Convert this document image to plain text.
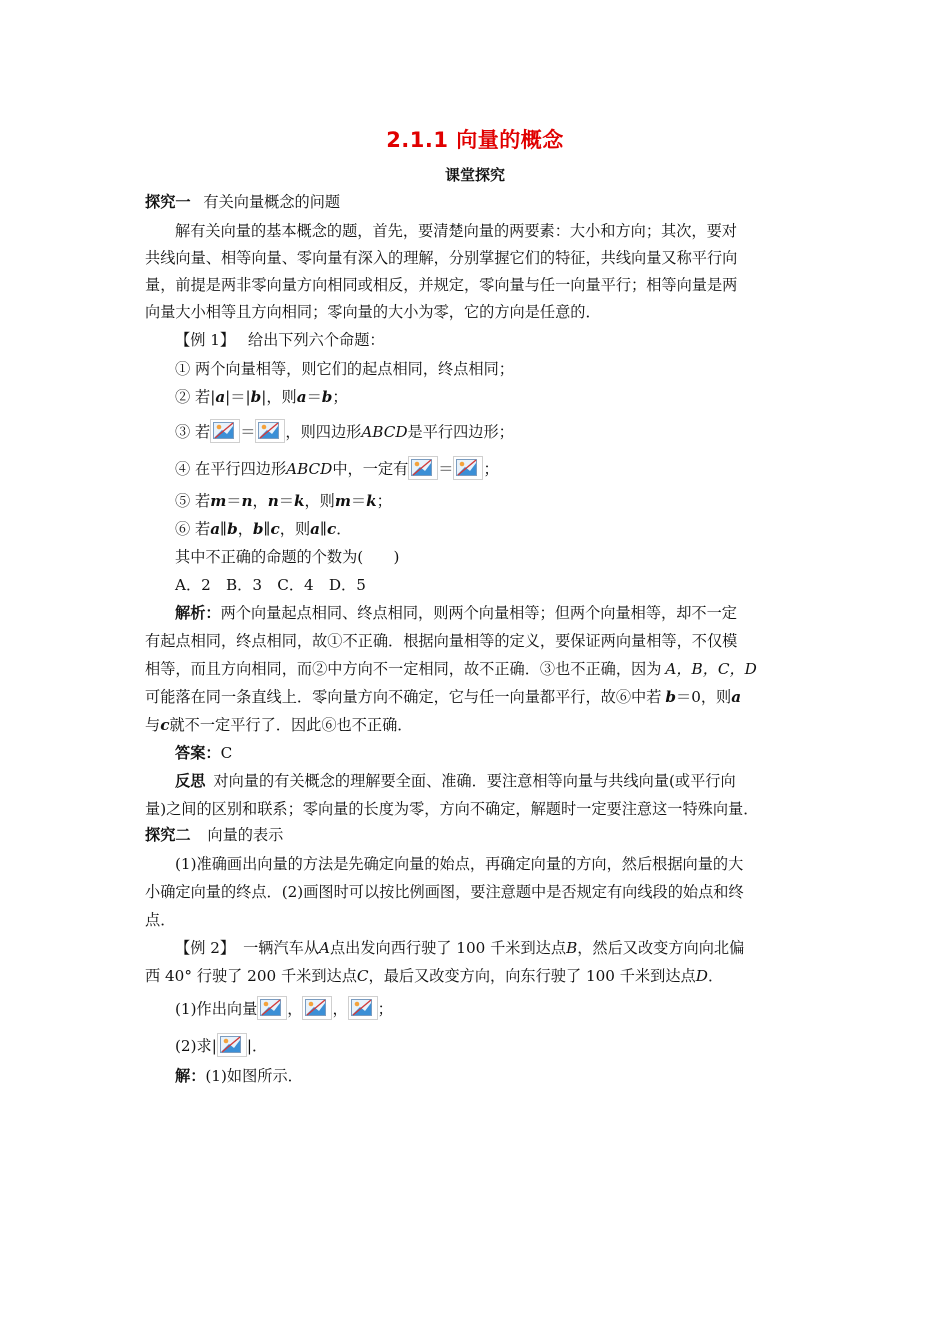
2.1.1 向量的概念
课堂探究
探究一 有关向量概念的问题
解有关向量的基本概念的题，首先，要清楚向量的两要素：大小和方向；其次，要对
共线向量、相等向量、零向量有深入的理解，分别掌握它们的特征，共线向量又称平行向
量，前提是两非零向量方向相同或相反，并规定，零向量与任一向量平行；相等向量是两
向量大小相等且方向相同；零向量的大小为零，它的方向是任意的．
【例 1】 给出下列六个命题：
① 两个向量相等，则它们的起点相同，终点相同；
② 若|a|＝|b|，则a＝b；
③ 若 ＝ ，则四边形ABCD是平行四边形；
④ 在平行四边形ABCD中，一定有 ＝ ；
⑤ 若m＝n，n＝k，则m＝k；
⑥ 若a∥b，b∥c，则a∥c．
其中不正确的命题的个数为(　　)
A．2　B．3　C．4　D．5
解析：两个向量起点相同、终点相同，则两个向量相等；但两个向量相等，却不一定
有起点相同，终点相同，故①不正确．根据向量相等的定义，要保证两向量相等，不仅模
相等，而且方向相同，而②中方向不一定相同，故不正确．③也不正确，因为 A，B，C，D
可能落在同一条直线上．零向量方向不确定，它与任一向量都平行，故⑥中若 b＝0，则a
与c就不一定平行了．因此⑥也不正确．
答案：C
反思 对向量的有关概念的理解要全面、准确．要注意相等向量与共线向量(或平行向
量)之间的区别和联系；零向量的长度为零，方向不确定，解题时一定要注意这一特殊向量．
探究二 向量的表示
(1)准确画出向量的方法是先确定向量的始点，再确定向量的方向，然后根据向量的大
小确定向量的终点．(2)画图时可以按比例画图，要注意题中是否规定有向线段的始点和终
点．
【例 2】 一辆汽车从A点出发向西行驶了 100 千米到达点B，然后又改变方向向北偏
西 40° 行驶了 200 千米到达点C，最后又改变方向，向东行驶了 100 千米到达点D．
(1)作出向量 ， ， ；
(2)求| |．
解：(1)如图所示．
